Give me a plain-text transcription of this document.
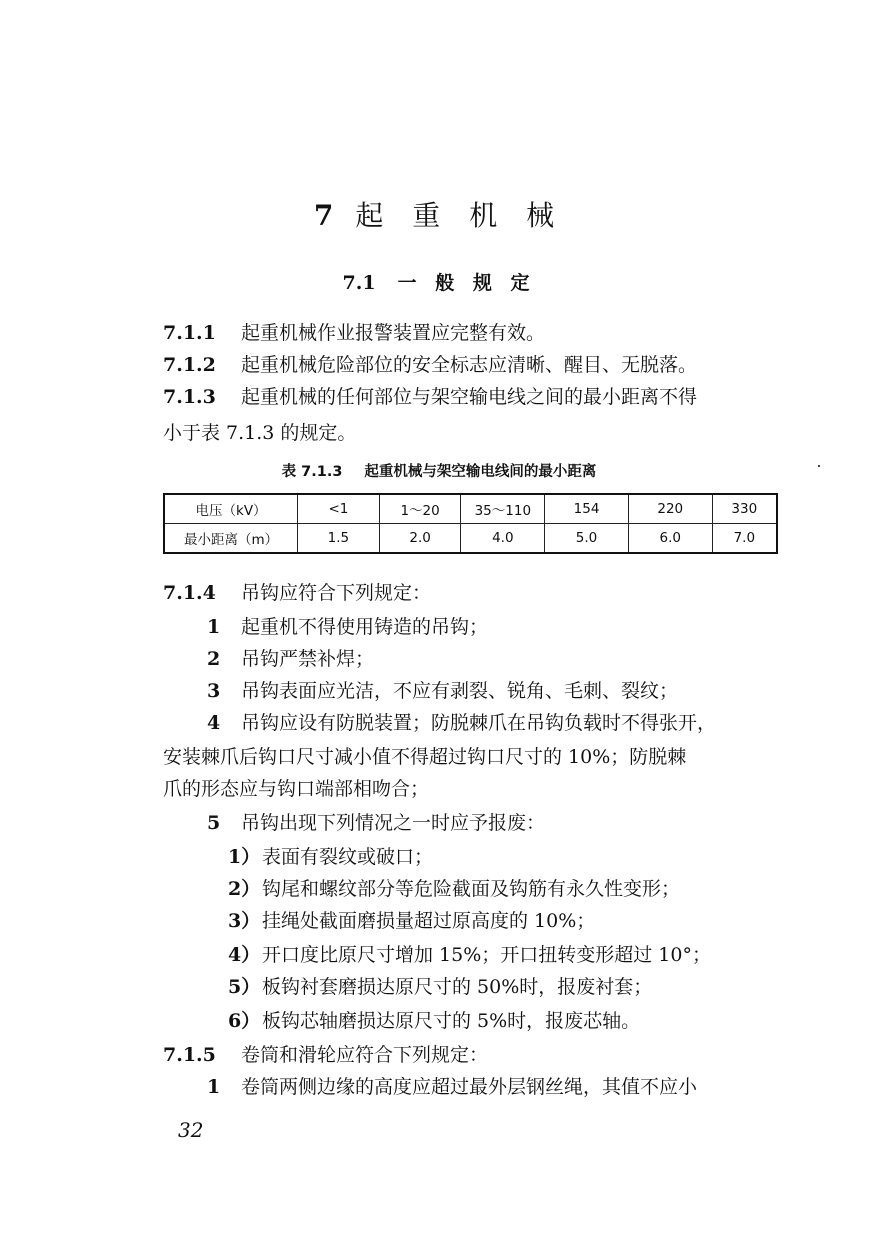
7 起 重 机 械
7.1 一 般 规 定
7.1.1 起重机械作业报警装置应完整有效。
7.1.2 起重机械危险部位的安全标志应清晰、醒目、无脱落。
7.1.3 起重机械的任何部位与架空输电线之间的最小距离不得
小于表 7.1.3 的规定。
表 7.1.3 起重机械与架空输电线间的最小距离
电压（kV）	<1	1～20	35～110	154	220	330
最小距离（m）	1.5	2.0	4.0	5.0	6.0	7.0
7.1.4 吊钩应符合下列规定：
1 起重机不得使用铸造的吊钩；
2 吊钩严禁补焊；
3 吊钩表面应光洁，不应有剥裂、锐角、毛刺、裂纹；
4 吊钩应设有防脱装置；防脱棘爪在吊钩负载时不得张开，
安装棘爪后钩口尺寸减小值不得超过钩口尺寸的 10%；防脱棘
爪的形态应与钩口端部相吻合；
5 吊钩出现下列情况之一时应予报废：
1）表面有裂纹或破口；
2）钩尾和螺纹部分等危险截面及钩筋有永久性变形；
3）挂绳处截面磨损量超过原高度的 10%；
4）开口度比原尺寸增加 15%；开口扭转变形超过 10°；
5）板钩衬套磨损达原尺寸的 50%时，报废衬套；
6）板钩芯轴磨损达原尺寸的 5%时，报废芯轴。
7.1.5 卷筒和滑轮应符合下列规定：
1 卷筒两侧边缘的高度应超过最外层钢丝绳，其值不应小
32
